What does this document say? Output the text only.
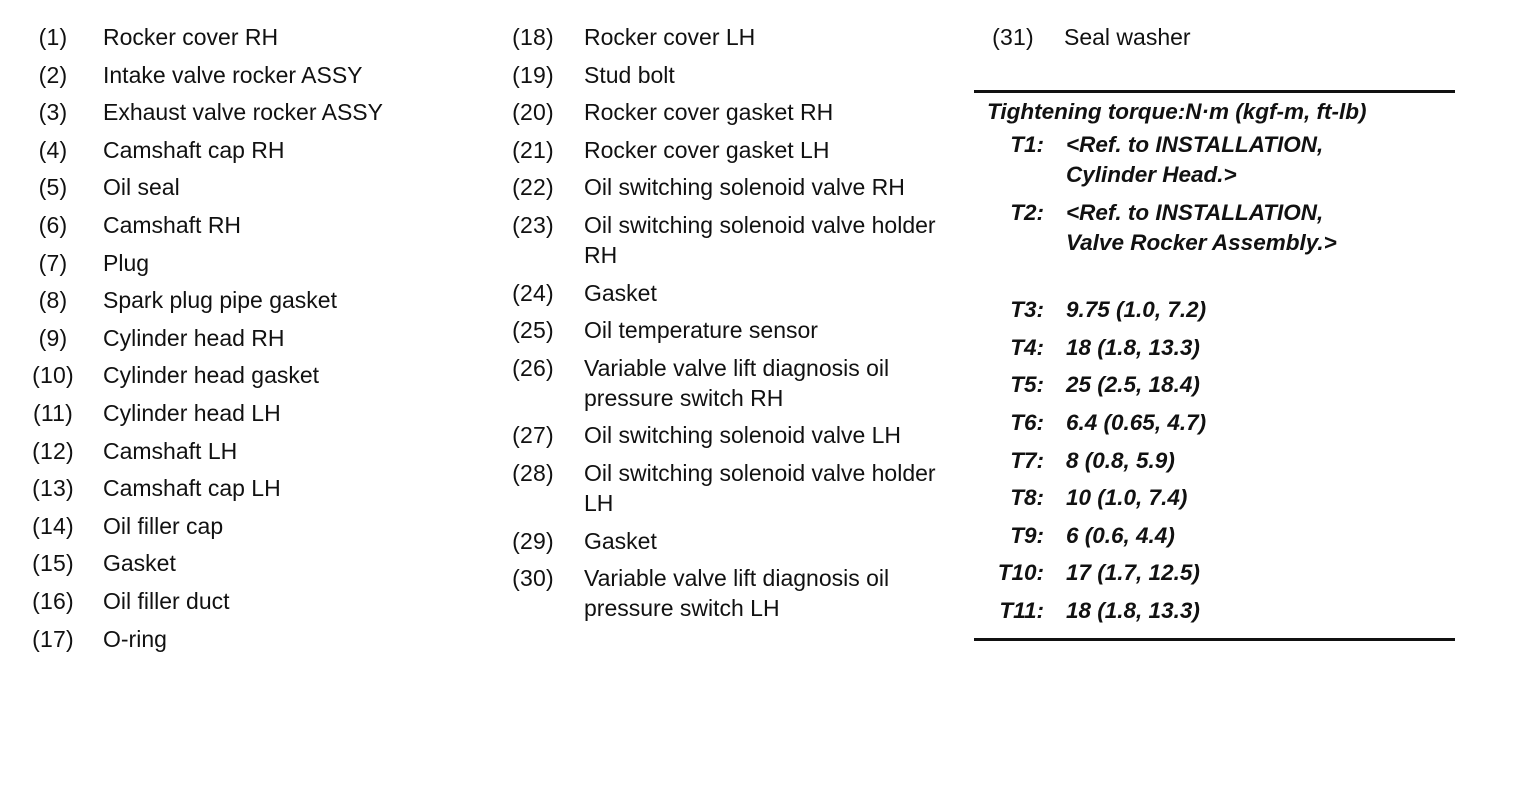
(1)	Rocker cover RH
(2)	Intake valve rocker ASSY
(3)	Exhaust valve rocker ASSY
(4)	Camshaft cap RH
(5)	Oil seal
(6)	Camshaft RH
(7)	Plug
(8)	Spark plug pipe gasket
(9)	Cylinder head RH
(10) Cylinder head gasket
(11) Cylinder head LH
(12) Camshaft LH
(13) Camshaft cap LH
(14) Oil filler cap
(15) Gasket
(16) Oil filler duct
(17) O-ring
(18) Rocker cover LH
(19) Stud bolt
(20) Rocker cover gasket RH
(21) Rocker cover gasket LH
(22) Oil switching solenoid valve RH
(23) Oil switching solenoid valve holder
RH
(24) Gasket
(25) Oil temperature sensor
(26) Variable valve lift diagnosis oil
pressure switch RH
(27) Oil switching solenoid valve LH
(28) Oil switching solenoid valve holder
LH
(29) Gasket
(30) Variable valve lift diagnosis oil
pressure switch LH
(31) Seal washer
Tightening torque:N·m (kgf-m, ft-lb)
T1: <Ref. to INSTALLATION,
Cylinder Head.>
T2: <Ref. to INSTALLATION,
Valve Rocker Assembly.>
T3: 9.75 (1.0, 7.2)
T4: 18 (1.8, 13.3)
T5: 25 (2.5, 18.4)
T6: 6.4 (0.65, 4.7)
T7: 8 (0.8, 5.9)
T8: 10 (1.0, 7.4)
T9: 6 (0.6, 4.4)
T10: 17 (1.7, 12.5)
T11: 18 (1.8, 13.3)
